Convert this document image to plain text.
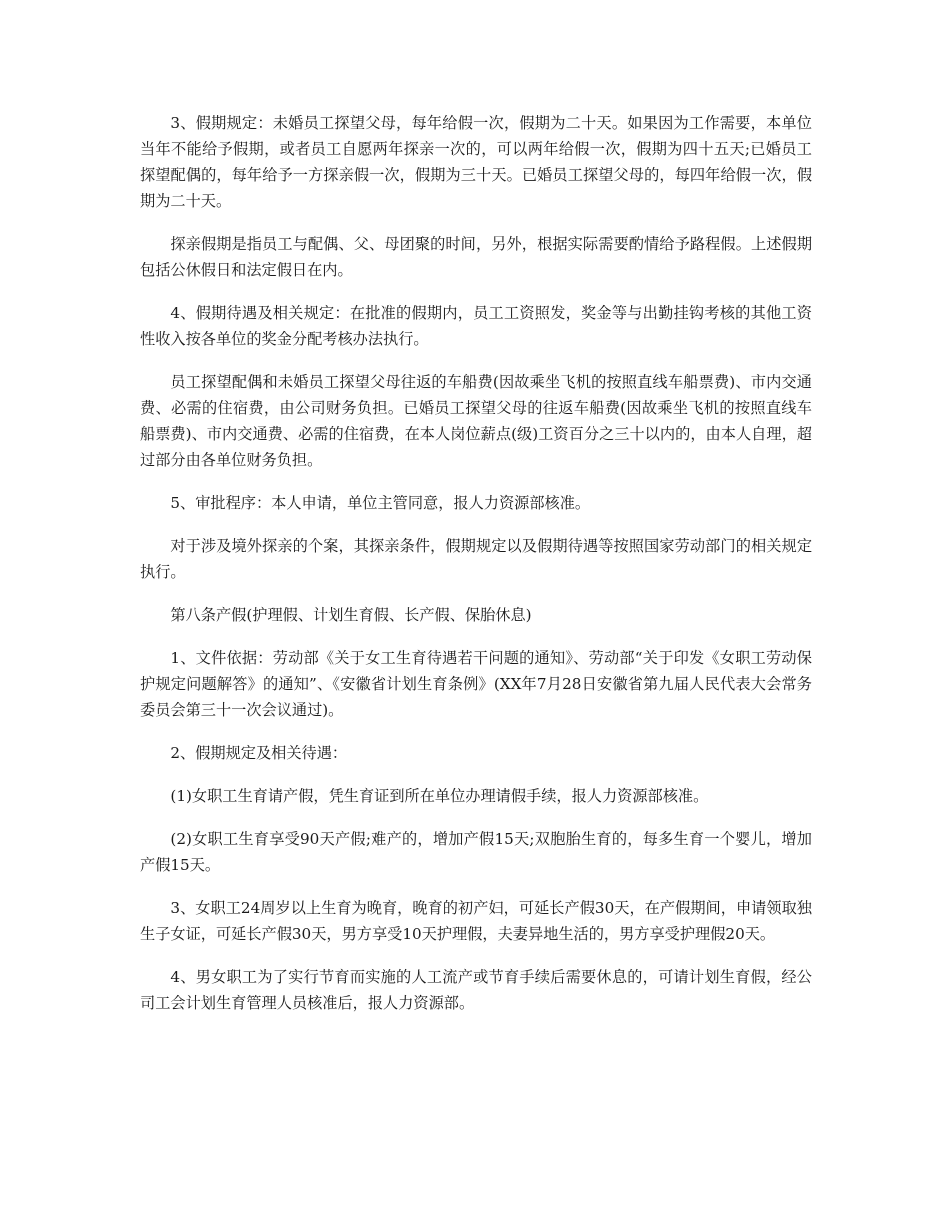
3、假期规定：未婚员工探望父母，每年给假一次，假期为二十天。如果因为工作需要，本单位当年不能给予假期，或者员工自愿两年探亲一次的，可以两年给假一次，假期为四十五天;已婚员工探望配偶的，每年给予一方探亲假一次，假期为三十天。已婚员工探望父母的，每四年给假一次，假期为二十天。

探亲假期是指员工与配偶、父、母团聚的时间，另外，根据实际需要酌情给予路程假。上述假期包括公休假日和法定假日在内。

4、假期待遇及相关规定：在批准的假期内，员工工资照发，奖金等与出勤挂钩考核的其他工资性收入按各单位的奖金分配考核办法执行。

员工探望配偶和未婚员工探望父母往返的车船费(因故乘坐飞机的按照直线车船票费)、市内交通费、必需的住宿费，由公司财务负担。已婚员工探望父母的往返车船费(因故乘坐飞机的按照直线车船票费)、市内交通费、必需的住宿费，在本人岗位薪点(级)工资百分之三十以内的，由本人自理，超过部分由各单位财务负担。

5、审批程序：本人申请，单位主管同意，报人力资源部核准。

对于涉及境外探亲的个案，其探亲条件，假期规定以及假期待遇等按照国家劳动部门的相关规定执行。

第八条产假(护理假、计划生育假、长产假、保胎休息)

1、文件依据：劳动部《关于女工生育待遇若干问题的通知》、劳动部“关于印发《女职工劳动保护规定问题解答》的通知”、《安徽省计划生育条例》(XX年7月28日安徽省第九届人民代表大会常务委员会第三十一次会议通过)。

2、假期规定及相关待遇：

(1)女职工生育请产假，凭生育证到所在单位办理请假手续，报人力资源部核准。

(2)女职工生育享受90天产假;难产的，增加产假15天;双胞胎生育的，每多生育一个婴儿，增加产假15天。

3、女职工24周岁以上生育为晚育，晚育的初产妇，可延长产假30天，在产假期间，申请领取独生子女证，可延长产假30天，男方享受10天护理假，夫妻异地生活的，男方享受护理假20天。

4、男女职工为了实行节育而实施的人工流产或节育手续后需要休息的，可请计划生育假，经公司工会计划生育管理人员核准后，报人力资源部。
